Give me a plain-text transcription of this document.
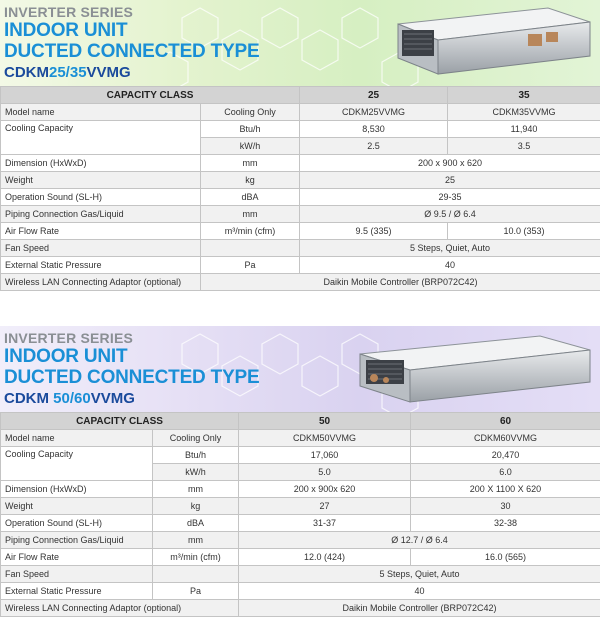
INVERTER SERIES
INDOOR UNIT
DUCTED CONNECTED TYPE
CDKM25/35VVMG
CAPACITY CLASS		25	35
Model name	Cooling Only	CDKM25VVMG	CDKM35VVMG
Cooling Capacity	Btu/h	8,530	11,940
	kW/h	2.5	3.5
Dimension (HxWxD)	mm	200 x 900 x 620	
Weight	kg	25	
Operation Sound (SL-H)	dBA	29-35	
Piping Connection Gas/Liquid	mm	Ø 9.5 / Ø 6.4	
Air Flow Rate	m³/min (cfm)	9.5 (335)	10.0 (353)
Fan Speed		5 Steps, Quiet, Auto	
External Static Pressure	Pa	40	
Wireless LAN Connecting Adaptor (optional)	Daikin Mobile Controller (BRP072C42)		
INVERTER SERIES
INDOOR UNIT
DUCTED CONNECTED TYPE
CDKM 50/60VVMG
CAPACITY CLASS		50	60
Model name	Cooling Only	CDKM50VVMG	CDKM60VVMG
Cooling Capacity	Btu/h	17,060	20,470
	kW/h	5.0	6.0
Dimension (HxWxD)	mm	200 x 900x 620	200 X 1100 X 620
Weight	kg	27	30
Operation Sound (SL-H)	dBA	31-37	32-38
Piping Connection Gas/Liquid	mm	Ø 12.7 / Ø 6.4	
Air Flow Rate	m³/min (cfm)	12.0 (424)	16.0 (565)
Fan Speed		5 Steps, Quiet, Auto	
External Static Pressure	Pa	40	
Wireless LAN Connecting Adaptor (optional)		Daikin Mobile Controller (BRP072C42)	
